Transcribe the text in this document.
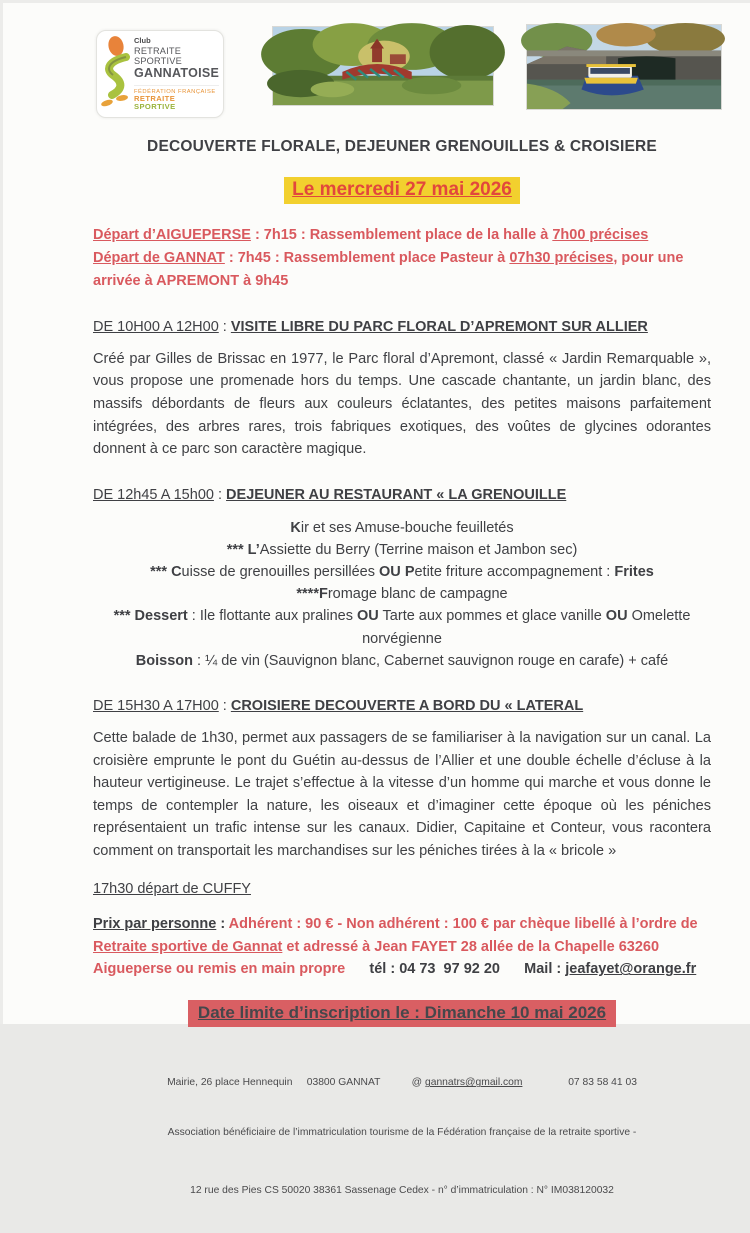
Club
RETRAITE SPORTIVE
GANNATOISE
FÉDÉRATION FRANÇAISE
RETRAITE SPORTIVE
DECOUVERTE FLORALE, DEJEUNER GRENOUILLES & CROISIERE
Le mercredi 27 mai 2026
Départ d’AIGUEPERSE : 7h15 : Rassemblement place de la halle à 7h00 précises
Départ de GANNAT : 7h45 : Rassemblement place Pasteur à 07h30 précises, pour une arrivée à APREMONT à 9h45
DE 10H00 A 12H00 : VISITE LIBRE DU PARC FLORAL D’APREMONT SUR ALLIER
Créé par Gilles de Brissac en 1977, le Parc floral d’Apremont, classé « Jardin Remarquable », vous propose une promenade hors du temps. Une cascade chantante, un jardin blanc, des massifs débordants de fleurs aux couleurs éclatantes, des petites maisons parfaitement intégrées, des arbres rares, trois fabriques exotiques, des voûtes de glycines odorantes donnent à ce parc son caractère magique.
DE 12h45 A 15h00 : DEJEUNER AU RESTAURANT « LA GRENOUILLE
Kir et ses Amuse-bouche feuilletés
*** L’Assiette du Berry (Terrine maison et Jambon sec)
*** Cuisse de grenouilles persillées OU Petite friture accompagnement : Frites
****Fromage blanc de campagne
*** Dessert : Ile flottante aux pralines OU Tarte aux pommes et glace vanille OU Omelette norvégienne
Boisson : ¼ de vin (Sauvignon blanc, Cabernet sauvignon rouge en carafe) + café
DE 15H30 A 17H00 : CROISIERE DECOUVERTE A BORD DU « LATERAL
Cette balade de 1h30, permet aux passagers de se familiariser à la navigation sur un canal. La croisière emprunte le pont du Guétin au-dessus de l’Allier et une double échelle d’écluse à la hauteur vertigineuse. Le trajet s’effectue à la vitesse d’un homme qui marche et vous donne le temps de contempler la nature, les oiseaux et d’imaginer cette époque où les péniches représentaient un trafic intense sur les canaux. Didier, Capitaine et Conteur, vous racontera comment on transportait les marchandises sur les péniches tirées à la « bricole »
17h30 départ de CUFFY
Prix par personne : Adhérent : 90 € - Non adhérent : 100 € par chèque libellé à l’ordre de Retraite sportive de Gannat et adressé à Jean FAYET 28 allée de la Chapelle 63260 Aigueperse ou remis en main propre      tél : 04 73  97 92 20      Mail : jeafayet@orange.fr
Date limite d’inscription le : Dimanche 10 mai 2026

Mairie, 26 place Hennequin     03800 GANNAT           @ gannatrs@gmail.com                07 83 58 41 03

Association bénéficiaire de l’immatriculation tourisme de la Fédération française de la retraite sportive -

12 rue des Pies CS 50020 38361 Sassenage Cedex - n° d’immatriculation : N° IM038120032
